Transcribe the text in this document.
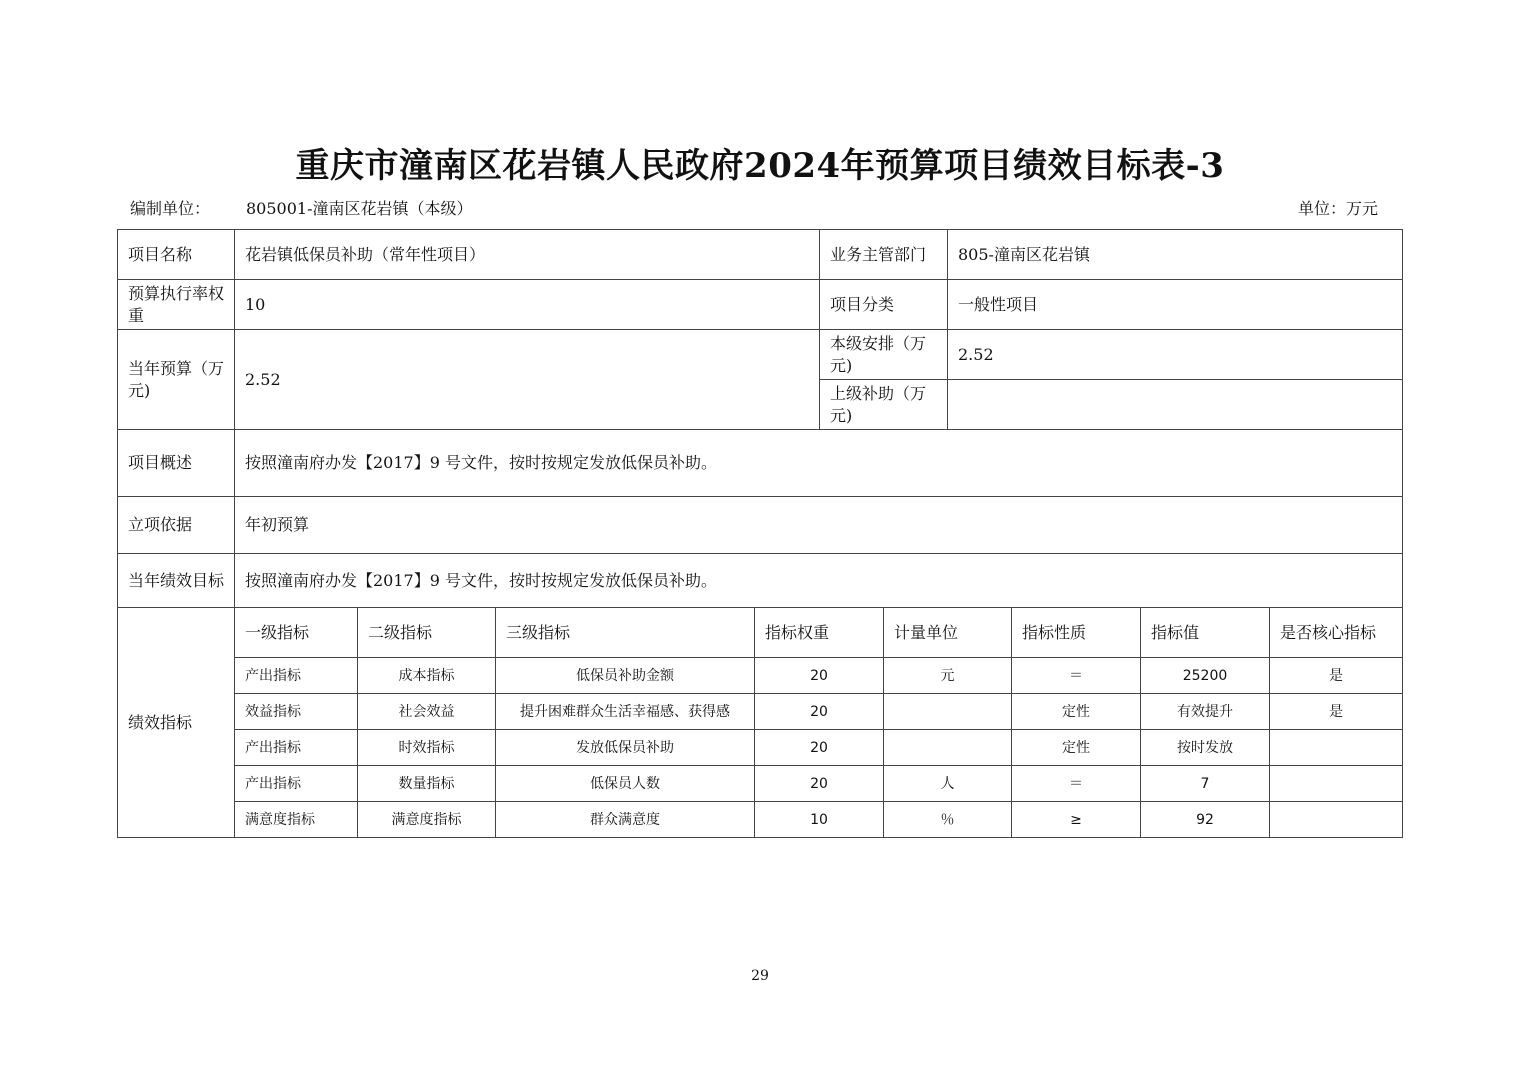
重庆市潼南区花岩镇人民政府2024年预算项目绩效目标表-3
编制单位： 805001-潼南区花岩镇（本级）	单位：万元
项目名称	花岩镇低保员补助（常年性项目）	业务主管部门	805-潼南区花岩镇
预算执行率权重	10	项目分类	一般性项目
当年预算（万元)	2.52	本级安排（万元)	2.52
		上级补助（万元)	
项目概述	按照潼南府办发【2017】9 号文件，按时按规定发放低保员补助。		
立项依据	年初预算		
当年绩效目标	按照潼南府办发【2017】9 号文件，按时按规定发放低保员补助。		
绩效指标	一级指标	二级指标	三级指标	指标权重	计量单位	指标性质	指标值	是否核心指标
	产出指标	成本指标	低保员补助金额	20	元	＝	25200	是
	效益指标	社会效益	提升困难群众生活幸福感、获得感	20		定性	有效提升	是
	产出指标	时效指标	发放低保员补助	20		定性	按时发放	
	产出指标	数量指标	低保员人数	20	人	＝	7	
	满意度指标	满意度指标	群众满意度	10	％	≥	92	
29
